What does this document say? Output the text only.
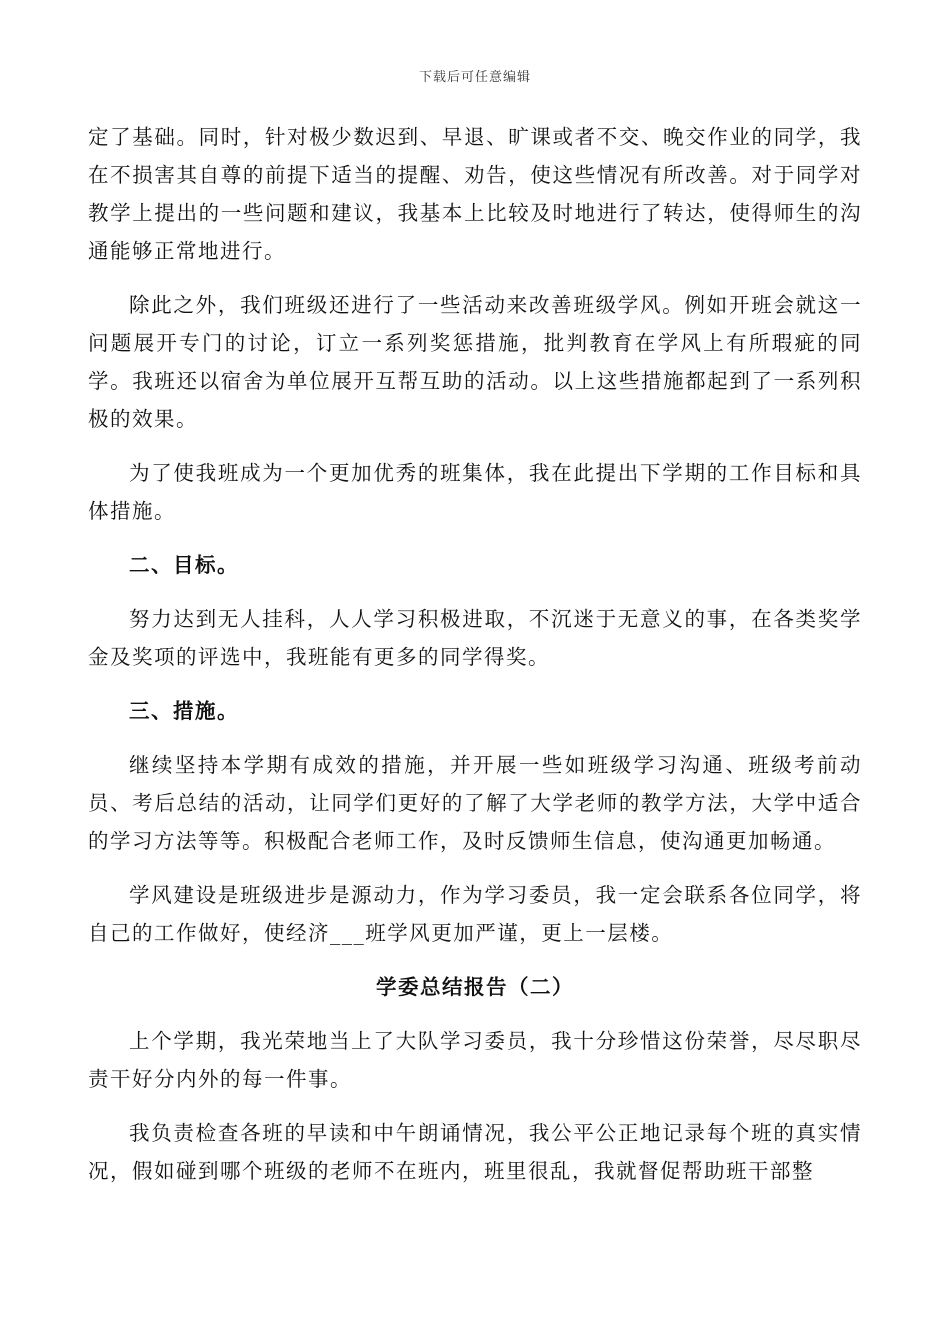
下载后可任意编辑

定了基础。同时，针对极少数迟到、早退、旷课或者不交、晚交作业的同学，我在不损害其自尊的前提下适当的提醒、劝告，使这些情况有所改善。对于同学对教学上提出的一些问题和建议，我基本上比较及时地进行了转达，使得师生的沟通能够正常地进行。

除此之外，我们班级还进行了一些活动来改善班级学风。例如开班会就这一问题展开专门的讨论，订立一系列奖惩措施，批判教育在学风上有所瑕疵的同学。我班还以宿舍为单位展开互帮互助的活动。以上这些措施都起到了一系列积极的效果。

为了使我班成为一个更加优秀的班集体，我在此提出下学期的工作目标和具体措施。

二、目标。

努力达到无人挂科，人人学习积极进取，不沉迷于无意义的事，在各类奖学金及奖项的评选中，我班能有更多的同学得奖。

三、措施。

继续坚持本学期有成效的措施，并开展一些如班级学习沟通、班级考前动员、考后总结的活动，让同学们更好的了解了大学老师的教学方法，大学中适合的学习方法等等。积极配合老师工作，及时反馈师生信息，使沟通更加畅通。

学风建设是班级进步是源动力，作为学习委员，我一定会联系各位同学，将自己的工作做好，使经济___班学风更加严谨，更上一层楼。

学委总结报告（二）

上个学期，我光荣地当上了大队学习委员，我十分珍惜这份荣誉，尽尽职尽责干好分内外的每一件事。

我负责检查各班的早读和中午朗诵情况，我公平公正地记录每个班的真实情况，假如碰到哪个班级的老师不在班内，班里很乱，我就督促帮助班干部整
